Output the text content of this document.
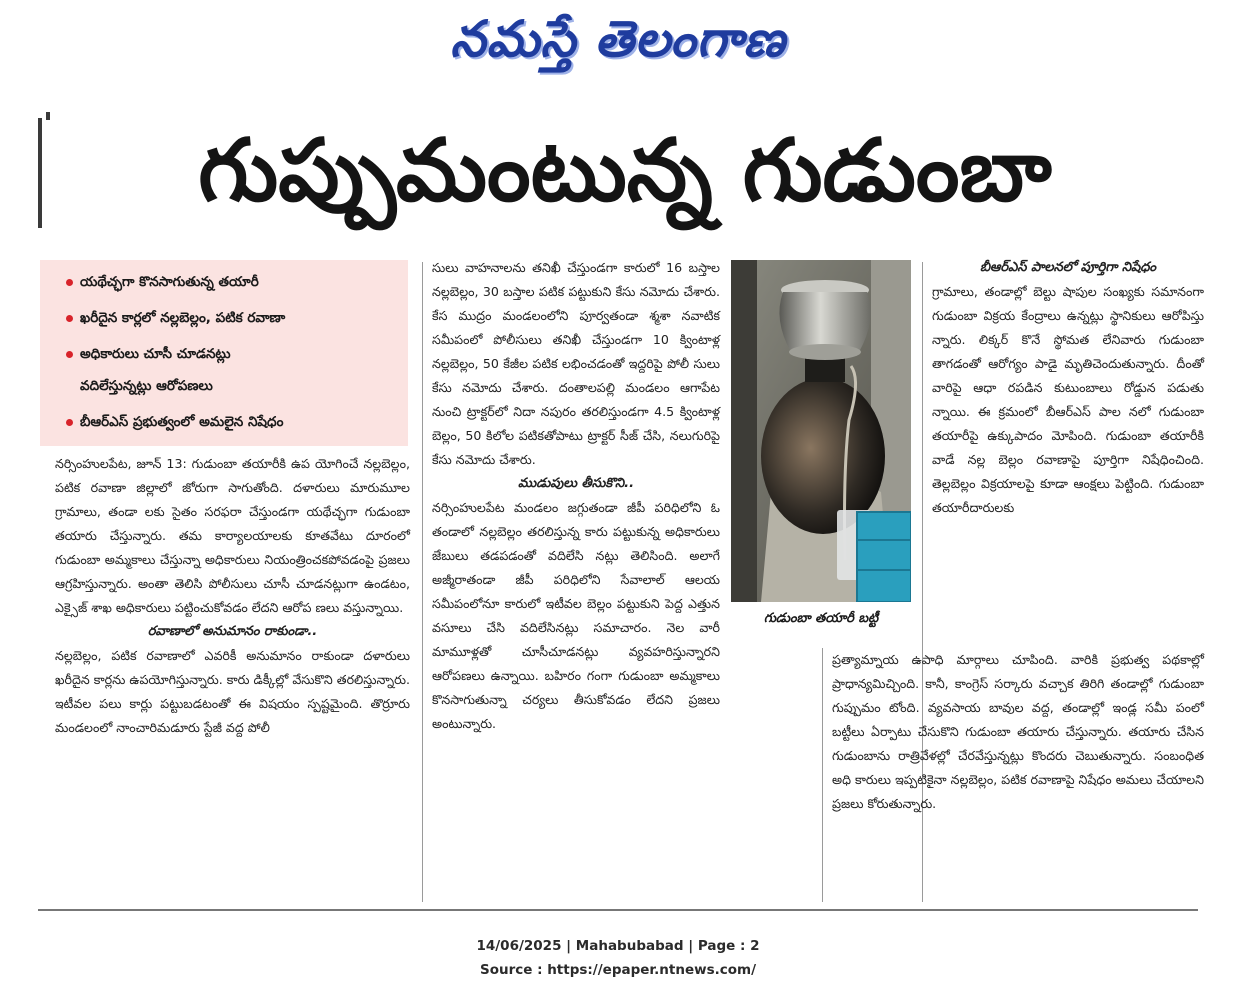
నమస్తే తెలంగాణ
గుప్పుమంటున్న గుడుంబా
యథేచ్ఛగా కొనసాగుతున్న తయారీ
ఖరీదైన కార్లలో నల్లబెల్లం, పటిక రవాణా
అధికారులు చూసీ చూడనట్లు
వదిలేస్తున్నట్లు ఆరోపణలు
బీఆర్ఎస్ ప్రభుత్వంలో అమలైన నిషేధం

నర్సింహులపేట, జూన్ 13: గుడుంబా తయారీకి ఉప యోగించే నల్లబెల్లం, పటిక రవాణా జిల్లాలో జోరుగా సాగుతోంది. దళారులు మారుమూల గ్రామాలు, తండా లకు సైతం సరఫరా చేస్తుండగా యథేచ్ఛగా గుడుంబా తయారు చేస్తున్నారు. తమ కార్యాలయాలకు కూతవేటు దూరంలో గుడుంబా అమ్మకాలు చేస్తున్నా అధికారులు నియంత్రించకపోవడంపై ప్రజలు ఆగ్రహిస్తున్నారు. అంతా తెలిసి పోలీసులు చూసీ చూడనట్లుగా ఉండటం, ఎక్సైజ్ శాఖ అధికారులు పట్టించుకోవడం లేదని ఆరోప ణలు వస్తున్నాయి.

రవాణాలో అనుమానం రాకుండా..

నల్లబెల్లం, పటిక రవాణాలో ఎవరికీ అనుమానం రాకుండా దళారులు ఖరీదైన కార్లను ఉపయోగిస్తున్నారు. కారు డిక్కీల్లో వేసుకొని తరలిస్తున్నారు. ఇటీవల పలు కార్లు పట్టుబడటంతో ఈ విషయం స్పష్టమైంది. తొర్రూరు మండలంలో నాంచారిమడూరు స్టేజీ వద్ద పోలీ

సులు వాహనాలను తనిఖీ చేస్తుండగా కారులో 16 బస్తాల నల్లబెల్లం, 30 బస్తాల పటిక పట్టుకుని కేసు నమోదు చేశారు. కేస ముద్రం మండలంలోని పూర్వతండా శ్మశా నవాటిక సమీపంలో పోలీసులు తనిఖీ చేస్తుండగా 10 క్వింటాళ్ల నల్లబెల్లం, 50 కేజీల పటిక లభించడంతో ఇద్దరిపై పోలీ సులు కేసు నమోదు చేశారు. దంతాలపల్లి మండలం ఆగాపేట నుంచి ట్రాక్టర్‌లో నిదా నపురం తరలిస్తుండగా 4.5 క్వింటాళ్ల బెల్లం, 50 కిలోల పటికతోపాటు ట్రాక్టర్ సీజ్ చేసి, నలుగురిపై కేసు నమోదు చేశారు.

ముడుపులు తీసుకొని..

నర్సింహులపేట మండలం జగ్గుతండా జీపీ పరిధిలోని ఓ తండాలో నల్లబెల్లం తరలిస్తున్న కారు పట్టుకున్న అధికారులు జేబులు తడపడంతో వదిలేసి నట్లు తెలిసింది. అలాగే అజ్మీరాతండా జీపీ పరిధిలోని సేవాలాల్ ఆలయ సమీపంలోనూ కారులో ఇటీవల బెల్లం పట్టుకుని పెద్ద ఎత్తున వసూలు చేసి వదిలేసినట్లు సమాచారం. నెల వారీ మామూళ్లతో చూసీచూడనట్లు వ్యవహరిస్తున్నారని ఆరోపణలు ఉన్నాయి. బహిరం గంగా గుడుంబా అమ్మకాలు కొనసాగుతున్నా చర్యలు తీసుకోవడం లేదని ప్రజలు అంటున్నారు.

గుడుంబా తయారీ బట్టీ
బీఆర్ఎస్ పాలనలో పూర్తిగా నిషేధం

గ్రామాలు, తండాల్లో బెల్టు షాపుల సంఖ్యకు సమానంగా గుడుంబా విక్రయ కేంద్రాలు ఉన్నట్లు స్థానికులు ఆరోపిస్తు న్నారు. లిక్కర్ కొనే స్థోమత లేనివారు గుడుంబా తాగడంతో ఆరోగ్యం పాడై మృతిచెందుతున్నారు. దీంతో వారిపై ఆధా రపడిన కుటుంబాలు రోడ్డున పడుతు న్నాయి. ఈ క్రమంలో బీఆర్ఎస్ పాల నలో గుడుంబా తయారీపై ఉక్కుపాదం మోపింది. గుడుంబా తయారీకి వాడే నల్ల బెల్లం రవాణాపై పూర్తిగా నిషేధించింది. తెల్లబెల్లం విక్రయాలపై కూడా ఆంక్షలు పెట్టింది. గుడుంబా తయారీదారులకు

ప్రత్యామ్నాయ ఉపాధి మార్గాలు చూపింది. వారికి ప్రభుత్వ పథకాల్లో ప్రాధాన్యమిచ్చింది. కానీ, కాంగ్రెస్ సర్కారు వచ్చాక తిరిగి తండాల్లో గుడుంబా గుప్పుమం టోంది. వ్యవసాయ బావుల వద్ద, తండాల్లో ఇండ్ల సమీ పంలో బట్టీలు ఏర్పాటు చేసుకొని గుడుంబా తయారు చేస్తున్నారు. తయారు చేసిన గుడుంబాను రాత్రివేళల్లో చేరవేస్తున్నట్లు కొందరు చెబుతున్నారు. సంబంధిత అధి కారులు ఇప్పటికైనా నల్లబెల్లం, పటిక రవాణాపై నిషేధం అమలు చేయాలని ప్రజలు కోరుతున్నారు.

14/06/2025 | Mahabubabad | Page : 2
Source : https://epaper.ntnews.com/
